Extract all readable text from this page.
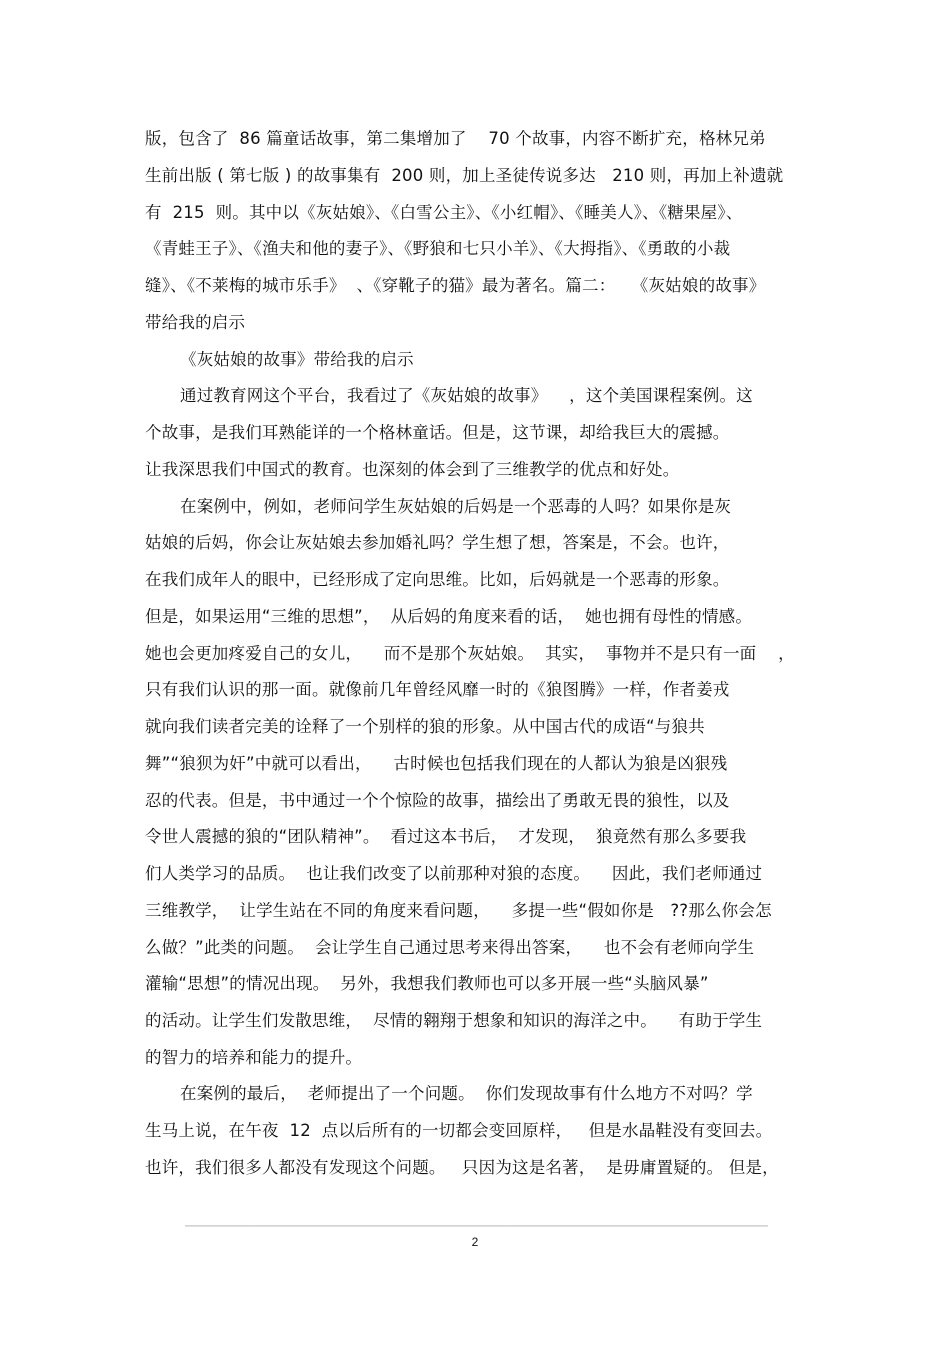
版，包含了  86 篇童话故事，第二集增加了    70 个故事，内容不断扩充，格林兄弟
生前出版 ( 第七版 ) 的故事集有  200 则，加上圣徒传说多达   210 则，再加上补遗就
有  215  则。其中以《灰姑娘》、《白雪公主》、《小红帽》、《睡美人》、《糖果屋》、
《青蛙王子》、《渔夫和他的妻子》、《野狼和七只小羊》、《大拇指》、《勇敢的小裁
缝》、《不莱梅的城市乐手》  、《穿靴子的猫》最为著名。篇二：   《灰姑娘的故事》
带给我的启示
《灰姑娘的故事》带给我的启示
通过教育网这个平台，我看过了《灰姑娘的故事》    ，这个美国课程案例。这
个故事，是我们耳熟能详的一个格林童话。但是，这节课，却给我巨大的震撼。
让我深思我们中国式的教育。也深刻的体会到了三维教学的优点和好处。
在案例中，例如，老师问学生灰姑娘的后妈是一个恶毒的人吗？如果你是灰
姑娘的后妈，你会让灰姑娘去参加婚礼吗？学生想了想，答案是，不会。也许，
在我们成年人的眼中，已经形成了定向思维。比如，后妈就是一个恶毒的形象。
但是，如果运用“三维的思想”，  从后妈的角度来看的话，  她也拥有母性的情感。
她也会更加疼爱自己的女儿，    而不是那个灰姑娘。  其实，  事物并不是只有一面    ，
只有我们认识的那一面。就像前几年曾经风靡一时的《狼图腾》一样，作者姜戎
就向我们读者完美的诠释了一个别样的狼的形象。从中国古代的成语“与狼共
舞”“狼狈为奸”中就可以看出，    古时候也包括我们现在的人都认为狼是凶狠残
忍的代表。但是，书中通过一个个惊险的故事，描绘出了勇敢无畏的狼性，以及
令世人震撼的狼的“团队精神”。  看过这本书后，  才发现，  狼竟然有那么多要我
们人类学习的品质。  也让我们改变了以前那种对狼的态度。    因此，我们老师通过
三维教学，  让学生站在不同的角度来看问题，    多提一些“假如你是   ??那么你会怎
么做？”此类的问题。  会让学生自己通过思考来得出答案，    也不会有老师向学生
灌输“思想”的情况出现。  另外，我想我们教师也可以多开展一些“头脑风暴”
的活动。让学生们发散思维，  尽情的翱翔于想象和知识的海洋之中。    有助于学生
的智力的培养和能力的提升。
在案例的最后，  老师提出了一个问题。  你们发现故事有什么地方不对吗？学
生马上说，在午夜  12  点以后所有的一切都会变回原样，   但是水晶鞋没有变回去。
也许，我们很多人都没有发现这个问题。   只因为这是名著，  是毋庸置疑的。 但是，
2
